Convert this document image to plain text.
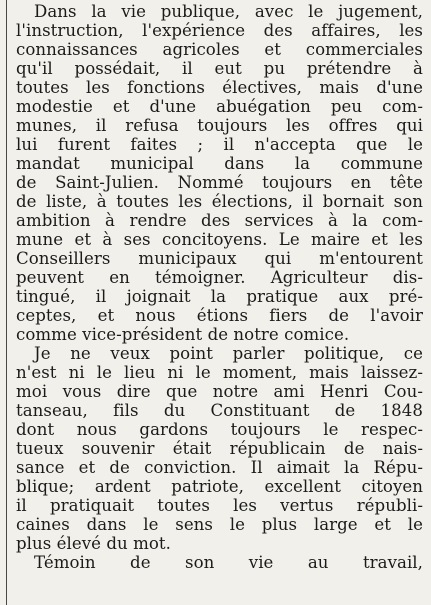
Dans la vie publique, avec le jugement,
l'instruction, l'expérience des affaires, les
connaissances agricoles et commerciales
qu'il possédait, il eut pu prétendre à
toutes les fonctions électives, mais d'une
modestie et d'une abuégation peu com-
munes, il refusa toujours les offres qui
lui furent faites ; il n'accepta que le
mandat municipal dans la commune
de Saint-Julien. Nommé toujours en tête
de liste, à toutes les élections, il bornait son
ambition à rendre des services à la com-
mune et à ses concitoyens. Le maire et les
Conseillers municipaux qui m'entourent
peuvent en témoigner. Agriculteur dis-
tingué, il joignait la pratique aux pré-
ceptes, et nous étions fiers de l'avoir
comme vice-président de notre comice.
Je ne veux point parler politique, ce
n'est ni le lieu ni le moment, mais laissez-
moi vous dire que notre ami Henri Cou-
tanseau, fils du Constituant de 1848
dont nous gardons toujours le respec-
tueux souvenir était républicain de nais-
sance et de conviction. Il aimait la Répu-
blique; ardent patriote, excellent citoyen
il pratiquait toutes les vertus républi-
caines dans le sens le plus large et le
plus élevé du mot.
Témoin de son vie au travail,
